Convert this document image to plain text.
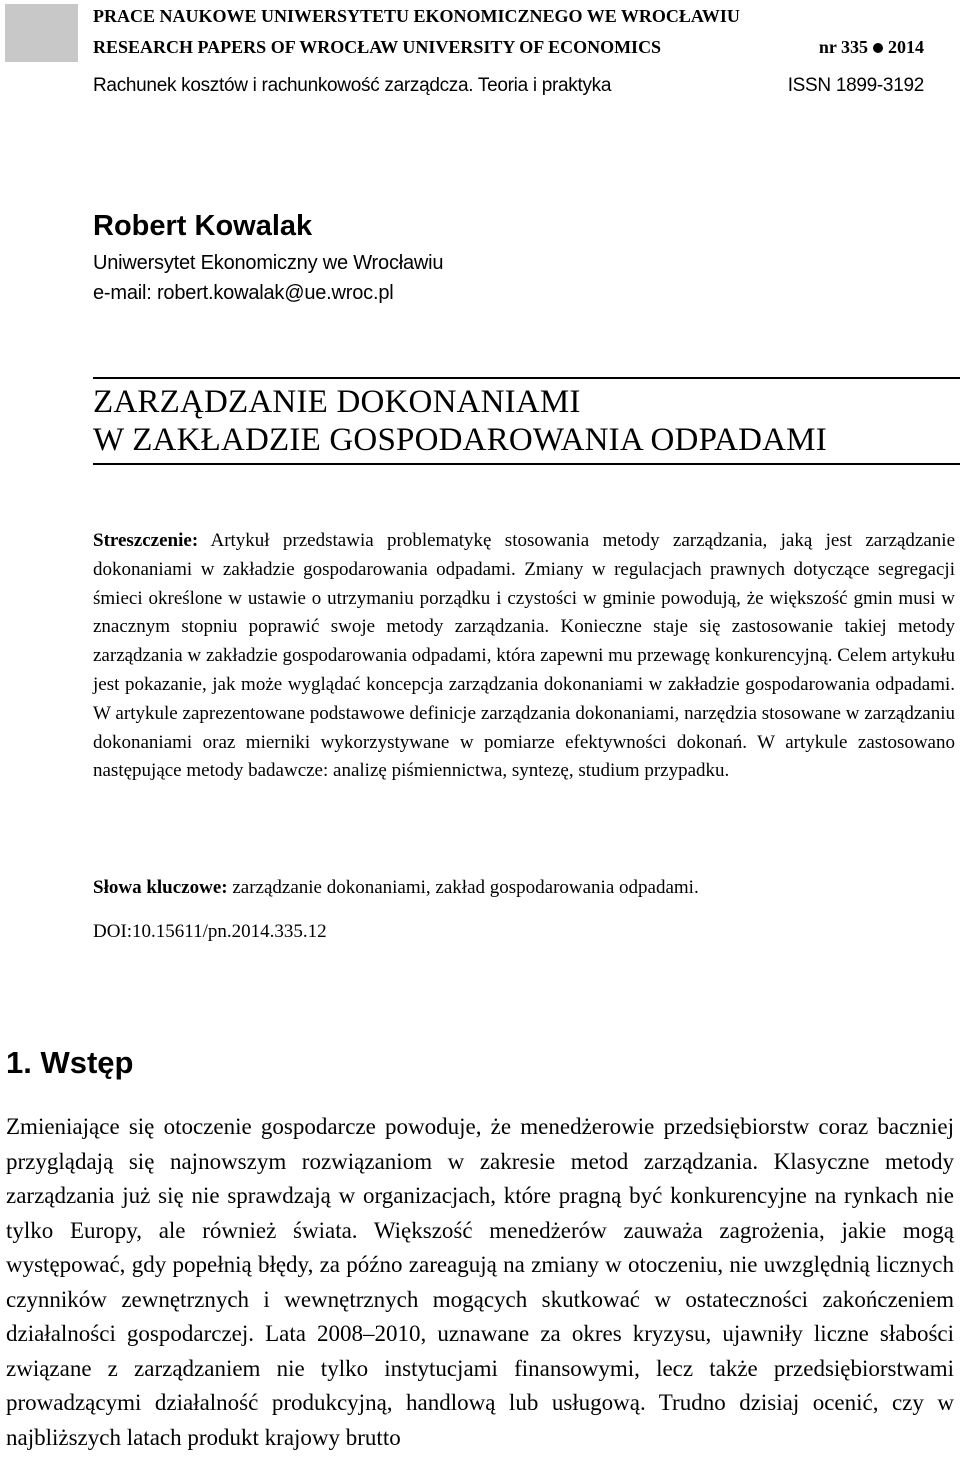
PRACE NAUKOWE UNIWERSYTETU EKONOMICZNEGO WE WROCŁAWIU
RESEARCH PAPERS OF WROCŁAW UNIVERSITY OF ECONOMICS	nr 335 2014
Rachunek kosztów i rachunkowość zarządcza. Teoria i praktyka	ISSN 1899-3192
Robert Kowalak
Uniwersytet Ekonomiczny we Wrocławiu
e-mail: robert.kowalak@ue.wroc.pl
ZARZĄDZANIE DOKONANIAMI
W ZAKŁADZIE GOSPODAROWANIA ODPADAMI
Streszczenie: Artykuł przedstawia problematykę stosowania metody zarządzania, jaką jest zarządzanie dokonaniami w zakładzie gospodarowania odpadami. Zmiany w regulacjach prawnych dotyczące segregacji śmieci określone w ustawie o utrzymaniu porządku i czystości w gminie powodują, że większość gmin musi w znacznym stopniu poprawić swoje metody zarządzania. Konieczne staje się zastosowanie takiej metody zarządzania w zakładzie gospodarowania odpadami, która zapewni mu przewagę konkurencyjną. Celem artykułu jest pokazanie, jak może wyglądać koncepcja zarządzania dokonaniami w zakładzie gospodarowania odpadami. W artykule zaprezentowane podstawowe definicje zarządzania dokonaniami, narzędzia stosowane w zarządzaniu dokonaniami oraz mierniki wykorzystywane w pomiarze efektywności dokonań. W artykule zastosowano następujące metody badawcze: analizę piśmiennictwa, syntezę, studium przypadku.
Słowa kluczowe: zarządzanie dokonaniami, zakład gospodarowania odpadami.
DOI:10.15611/pn.2014.335.12
1. Wstęp
Zmieniające się otoczenie gospodarcze powoduje, że menedżerowie przedsiębiorstw coraz baczniej przyglądają się najnowszym rozwiązaniom w zakresie metod zarządzania. Klasyczne metody zarządzania już się nie sprawdzają w organizacjach, które pragną być konkurencyjne na rynkach nie tylko Europy, ale również świata. Większość menedżerów zauważa zagrożenia, jakie mogą występować, gdy popełnią błędy, za późno zareagują na zmiany w otoczeniu, nie uwzględnią licznych czynników zewnętrznych i wewnętrznych mogących skutkować w ostateczności zakończeniem działalności gospodarczej. Lata 2008–2010, uznawane za okres kryzysu, ujawniły liczne słabości związane z zarządzaniem nie tylko instytucjami finansowymi, lecz także przedsiębiorstwami prowadzącymi działalność produkcyjną, handlową lub usługową. Trudno dzisiaj ocenić, czy w najbliższych latach produkt krajowy brutto
